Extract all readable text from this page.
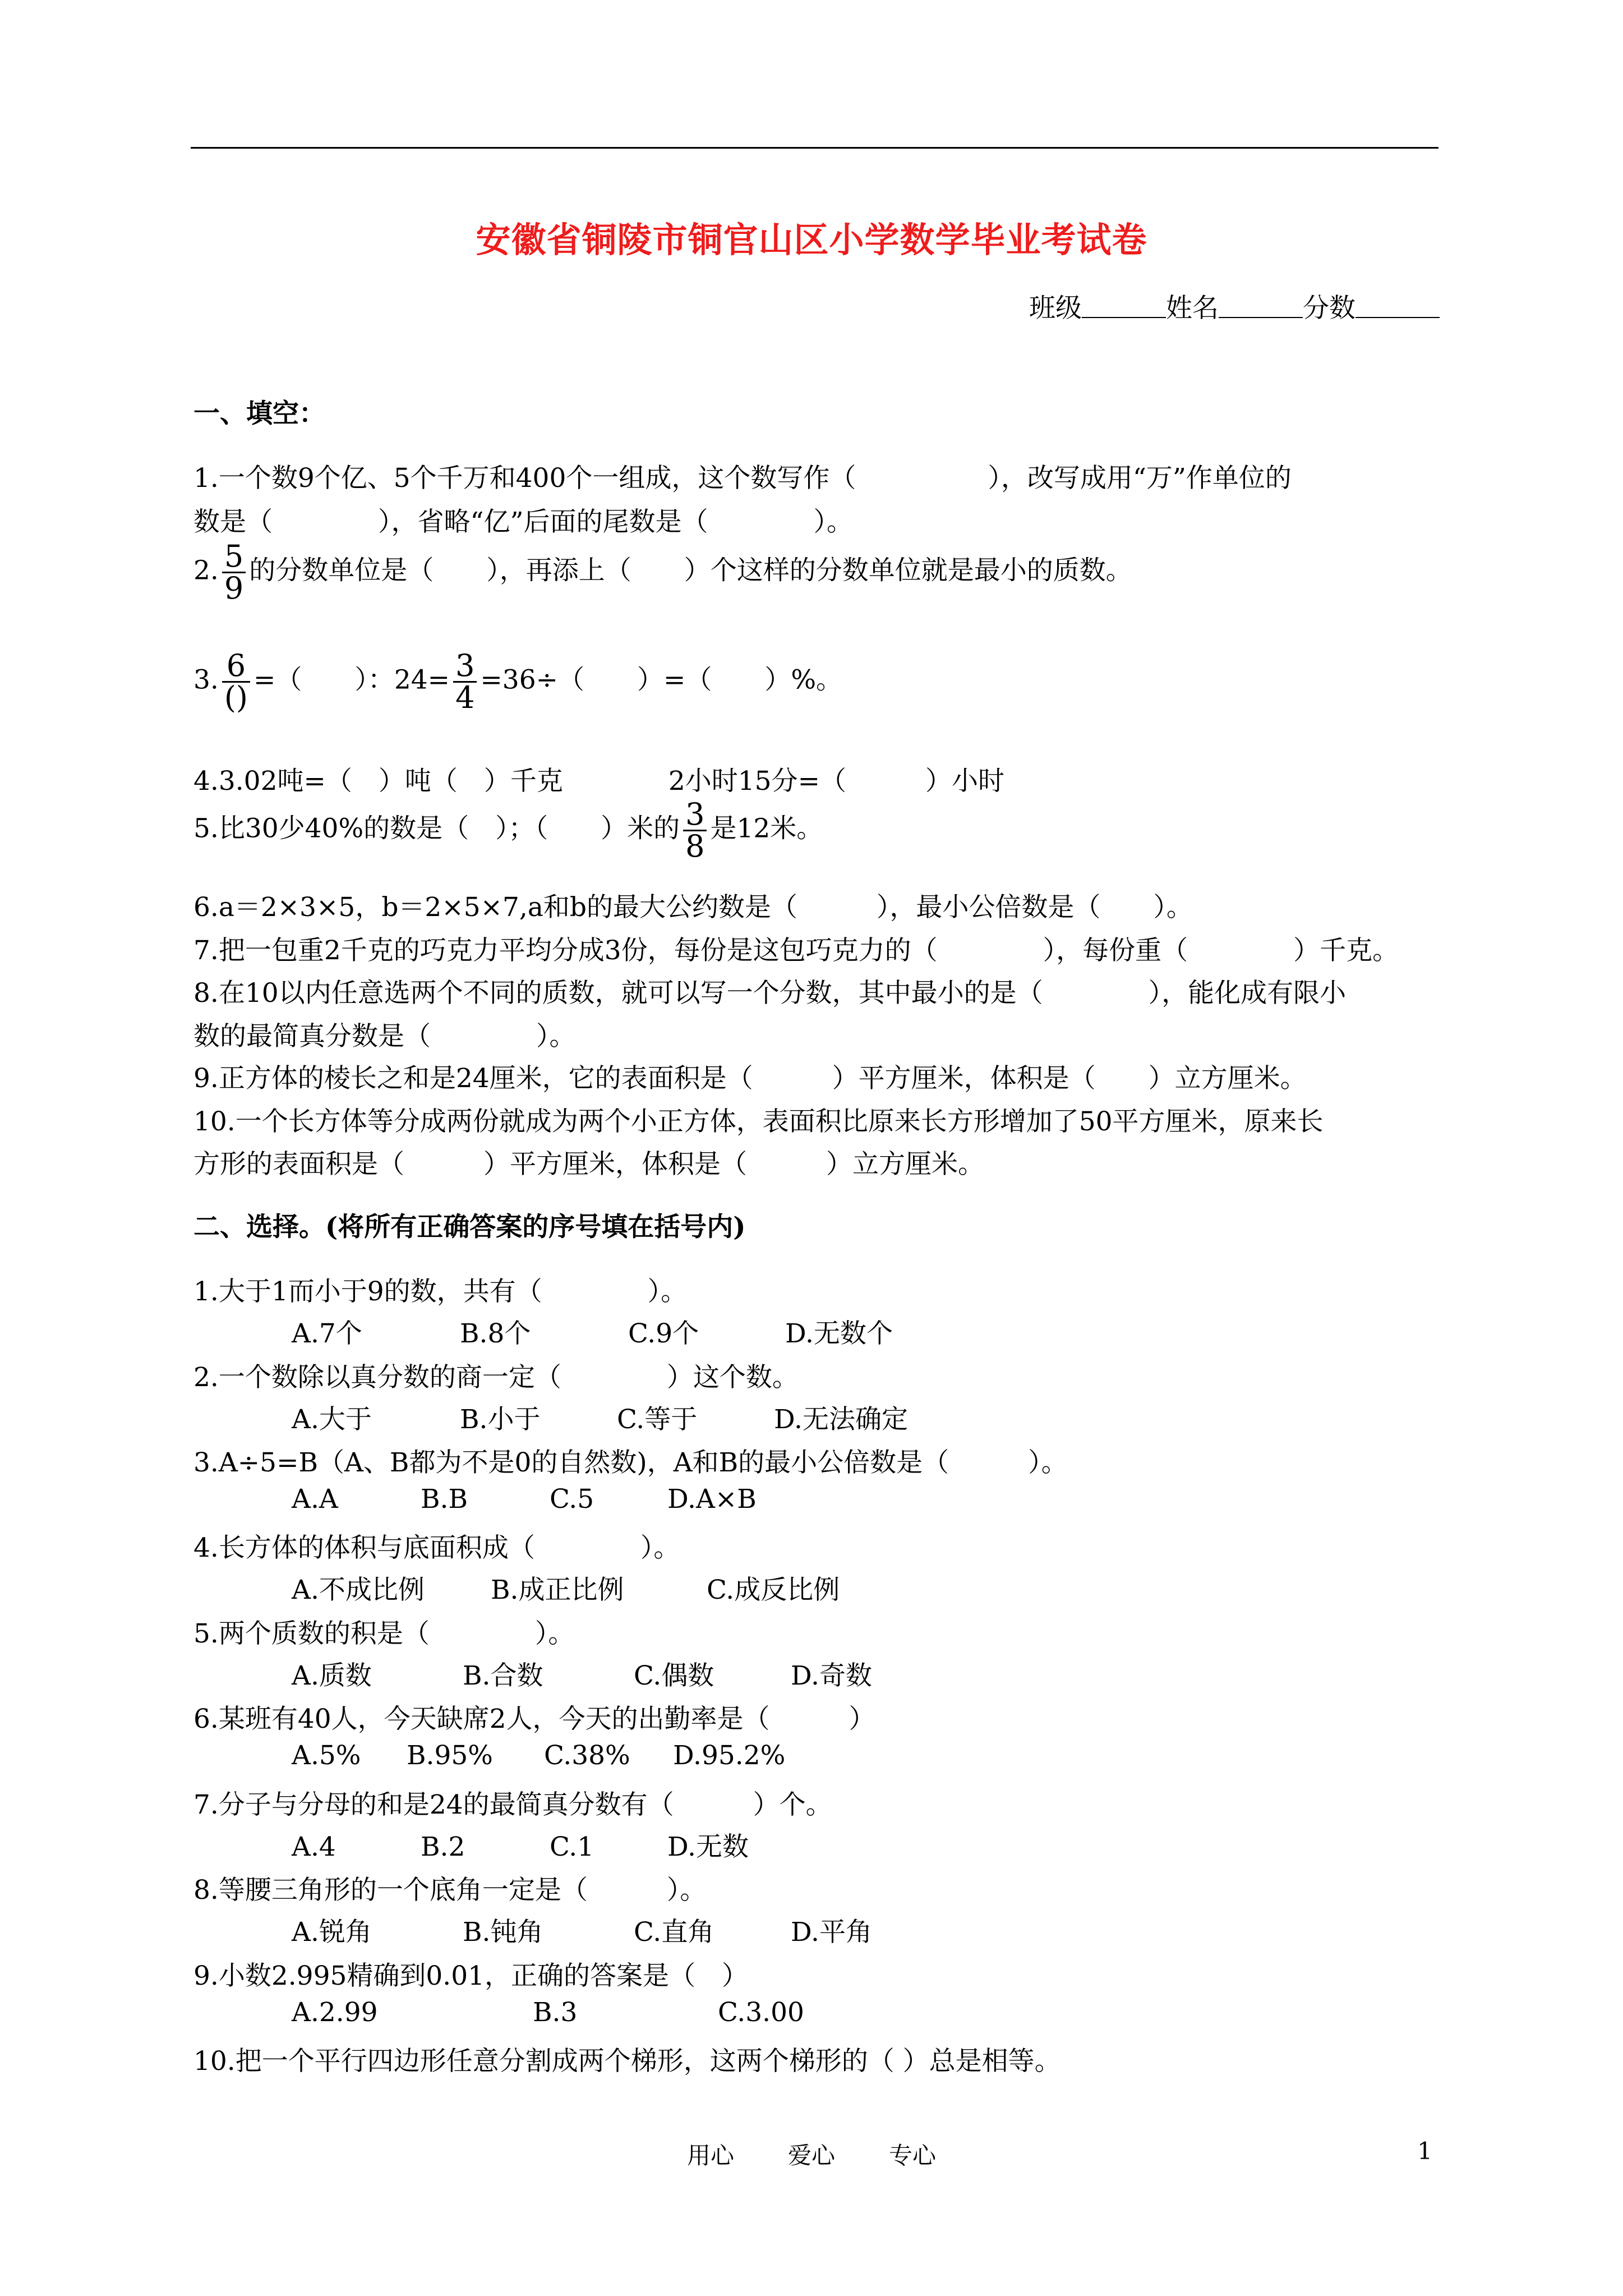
安徽省铜陵市铜官山区小学数学毕业考试卷
班级	姓名	分数
一、填空：
1.一个数9个亿、5个千万和400个一组成，这个数写作（　　　　　），改写成用“万”作单位的
数是（　　　　），省略“亿”后面的尾数是（　　　　）。
2. $\frac{5}{9}$ 的分数单位是（　　），再添上（　　）个这样的分数单位就是最小的质数。
3. $\frac{6}{()}$ =（　　）：$24= \frac{3}{4} =36\div$（　　）=（　　）%。
4.3.02吨=（　）吨（　）千克　　　　2小时15分=（　　　）小时
5.比30少40%的数是（　）；（　　）米的 $\frac{3}{8}$ 是12米。
6.a＝2×3×5，b＝2×5×7,a和b的最大公约数是（　　　），最小公倍数是（　　）。
7.把一包重2千克的巧克力平均分成3份，每份是这包巧克力的（　　　　），每份重（　　　　）千克。
8.在10以内任意选两个不同的质数，就可以写一个分数，其中最小的是（　　　　），能化成有限小
数的最简真分数是（　　　　）。
9.正方体的棱长之和是24厘米，它的表面积是（　　　）平方厘米，体积是（　　）立方厘米。
10.一个长方体等分成两份就成为两个小正方体，表面积比原来长方形增加了50平方厘米，原来长
方形的表面积是（　　　）平方厘米，体积是（　　　）立方厘米。
二、选择。(将所有正确答案的序号填在括号内)
1.大于1而小于9的数，共有（　　　　）。
A.7个	B.8个	C.9个	D.无数个
2.一个数除以真分数的商一定（　　　　）这个数。
A.大于	B.小于	C.等于	D.无法确定
3.A÷5=B（A、B都为不是0的自然数)，A和B的最小公倍数是（　　　）。
A.A	B.B	C.5	D.A×B
4.长方体的体积与底面积成（　　　　）。
A.不成比例	B.成正比例	C.成反比例
5.两个质数的积是（　　　　）。
A.质数	B.合数	C.偶数	D.奇数
6.某班有40人，今天缺席2人，今天的出勤率是（　　　）
A.5% B.95% C.38% D.95.2%
7.分子与分母的和是24的最简真分数有（　　　）个。
A.4	B.2	C.1	D.无数
8.等腰三角形的一个底角一定是（　　　）。
A.锐角	B.钝角	C.直角	D.平角
9.小数2.995精确到0.01，正确的答案是（　）
A.2.99	B.3	C.3.00
10.把一个平行四边形任意分割成两个梯形，这两个梯形的（ ）总是相等。
用心 爱心 专心	1
